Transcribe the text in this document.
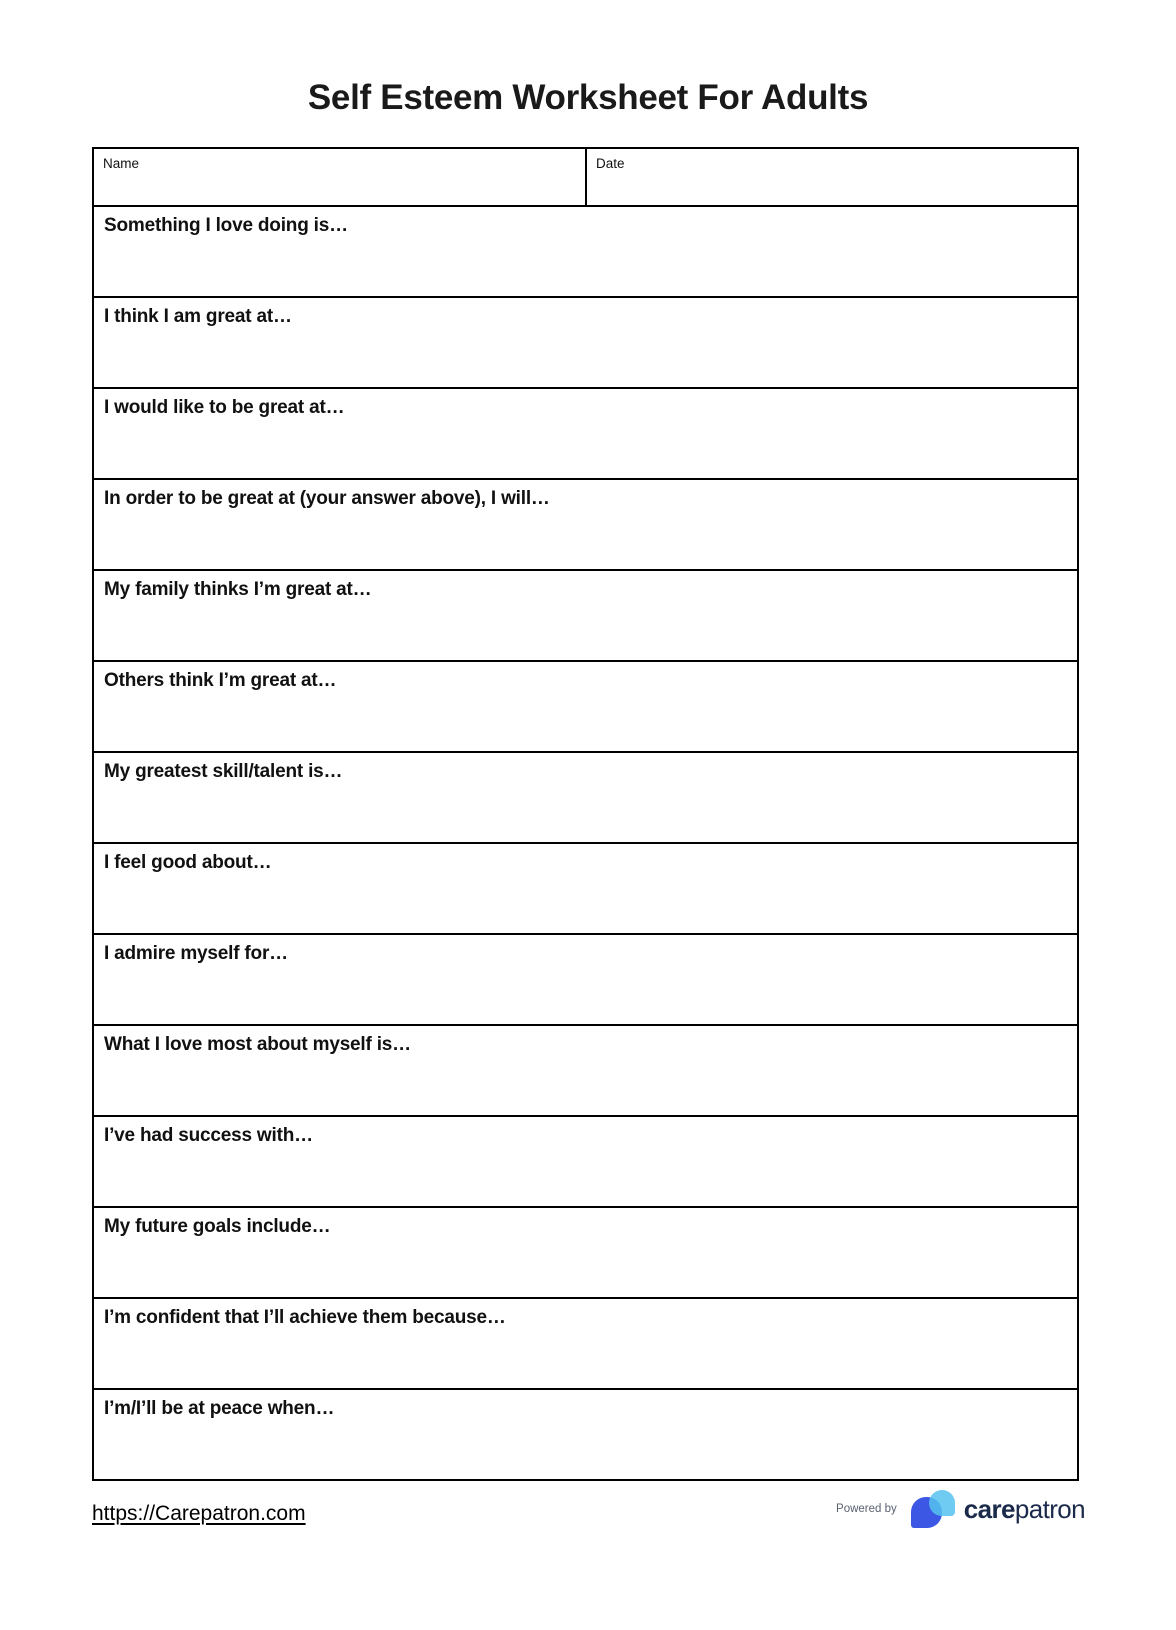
Self Esteem Worksheet For Adults
Name	Date
Something I love doing is…
I think I am great at…
I would like to be great at…
In order to be great at (your answer above), I will…
My family thinks I’m great at…
Others think I’m great at…
My greatest skill/talent is…
I feel good about…
I admire myself for…
What I love most about myself is…
I’ve had success with…
My future goals include…
I’m confident that I’ll achieve them because…
I’m/I’ll be at peace when…
https://Carepatron.com	Powered by	carepatron
